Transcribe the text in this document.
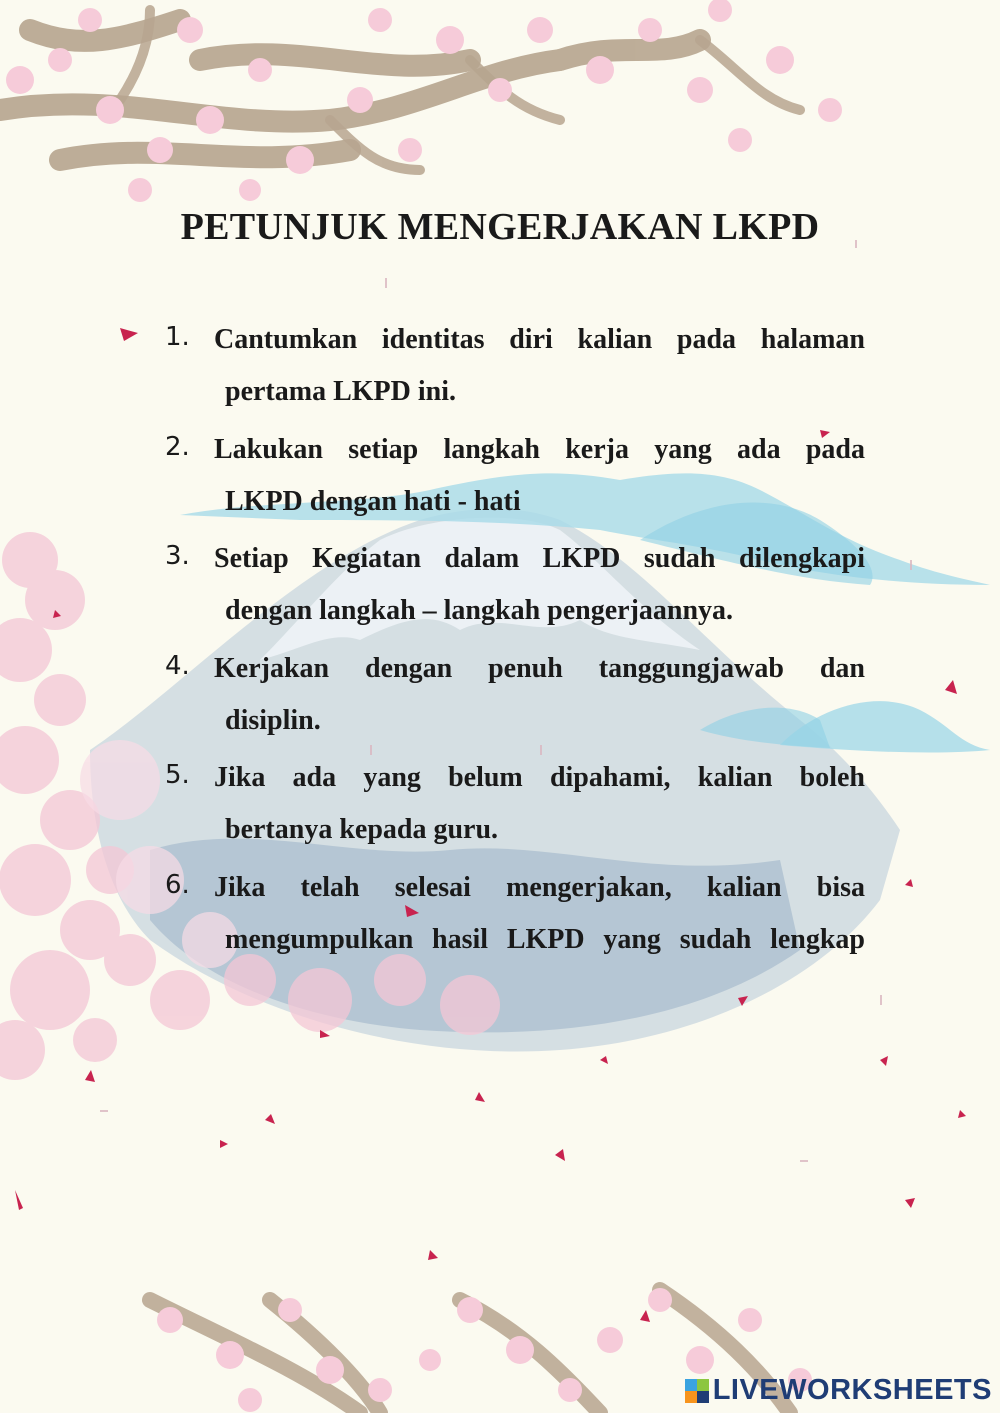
PETUNJUK MENGERJAKAN LKPD
1. Cantumkan identitas diri kalian pada halaman
pertama LKPD ini.
2. Lakukan setiap langkah kerja yang ada pada
LKPD dengan hati - hati
3. Setiap Kegiatan dalam LKPD sudah dilengkapi
dengan langkah – langkah pengerjaannya.
4. Kerjakan dengan penuh tanggungjawab dan
disiplin.
5. Jika ada yang belum dipahami, kalian boleh
bertanya kepada guru.
6. Jika telah selesai mengerjakan, kalian bisa
mengumpulkan hasil LKPD yang sudah lengkap
LIVEWORKSHEETS
